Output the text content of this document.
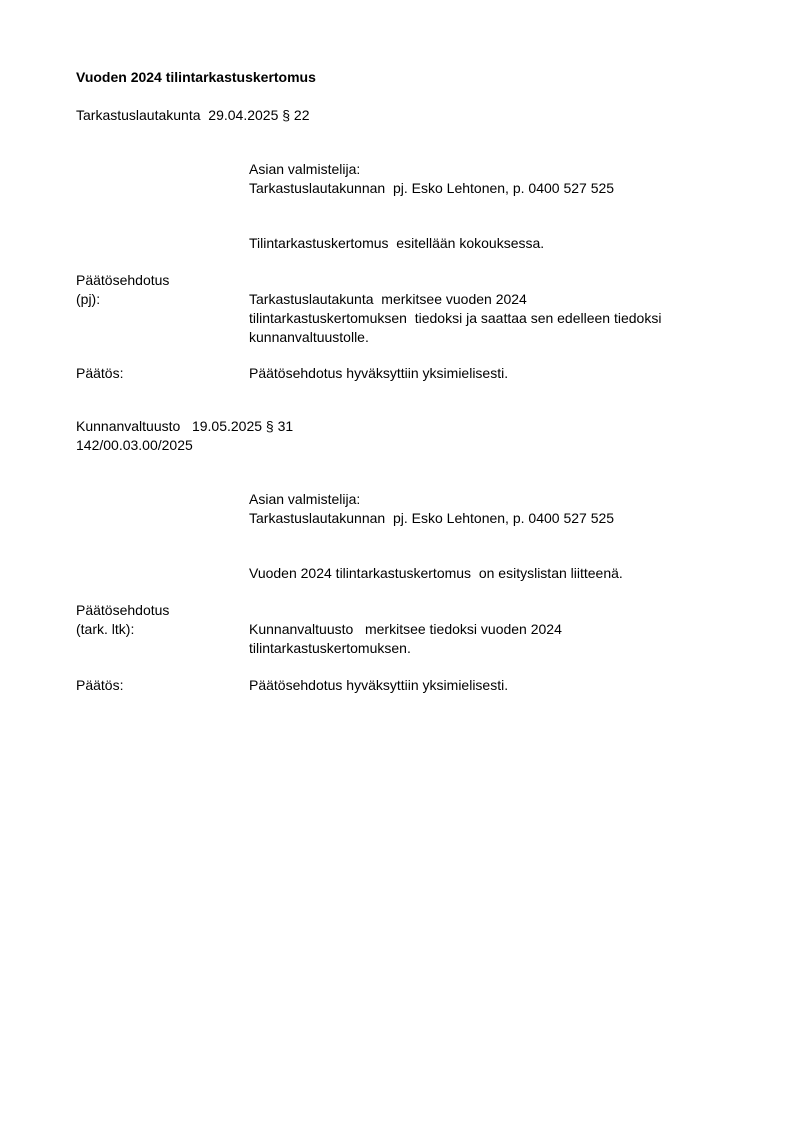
Vuoden 2024 tilintarkastuskertomus
Tarkastuslautakunta  29.04.2025 § 22
Asian valmistelija:
Tarkastuslautakunnan  pj. Esko Lehtonen, p. 0400 527 525
Tilintarkastuskertomus  esitellään kokouksessa.
Päätösehdotus
(pj):	Tarkastuslautakunta  merkitsee vuoden 2024
tilintarkastuskertomuksen  tiedoksi ja saattaa sen edelleen tiedoksi
kunnanvaltuustolle.
Päätös:	Päätösehdotus hyväksyttiin yksimielisesti.
Kunnanvaltuusto   19.05.2025 § 31
142/00.03.00/2025
Asian valmistelija:
Tarkastuslautakunnan  pj. Esko Lehtonen, p. 0400 527 525
Vuoden 2024 tilintarkastuskertomus  on esityslistan liitteenä.
Päätösehdotus
(tark. ltk):	Kunnanvaltuusto   merkitsee tiedoksi vuoden 2024
tilintarkastuskertomuksen.
Päätös:	Päätösehdotus hyväksyttiin yksimielisesti.
